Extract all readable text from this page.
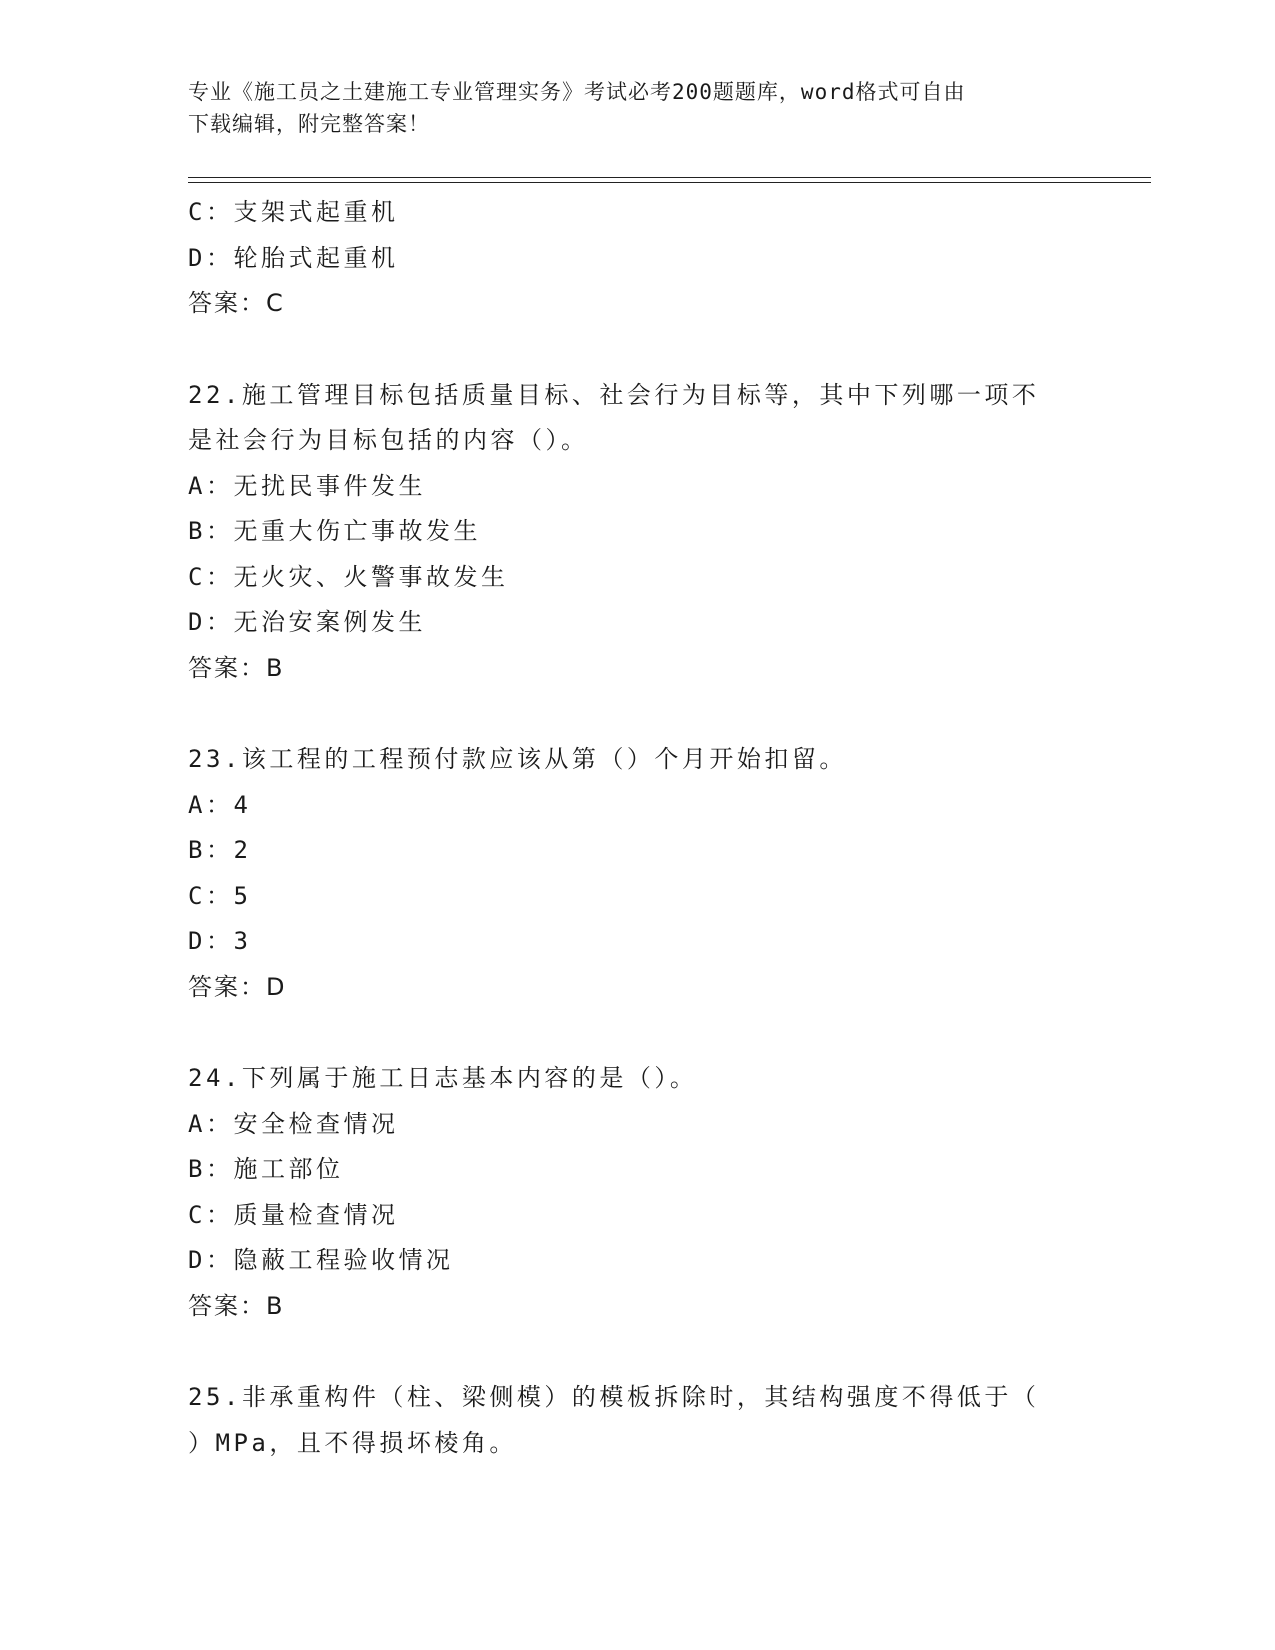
专业《施工员之土建施工专业管理实务》考试必考200题题库，word格式可自由
下载编辑，附完整答案！

C：支架式起重机

D：轮胎式起重机

答案：C

22.施工管理目标包括质量目标、社会行为目标等，其中下列哪一项不

是社会行为目标包括的内容（）。

A：无扰民事件发生

B：无重大伤亡事故发生

C：无火灾、火警事故发生

D：无治安案例发生

答案：B

23.该工程的工程预付款应该从第（）个月开始扣留。

A：4

B：2

C：5

D：3

答案：D

24.下列属于施工日志基本内容的是（）。

A：安全检查情况

B：施工部位

C：质量检查情况

D：隐蔽工程验收情况

答案：B

25.非承重构件（柱、梁侧模）的模板拆除时，其结构强度不得低于（

）MPa，且不得损坏棱角。
